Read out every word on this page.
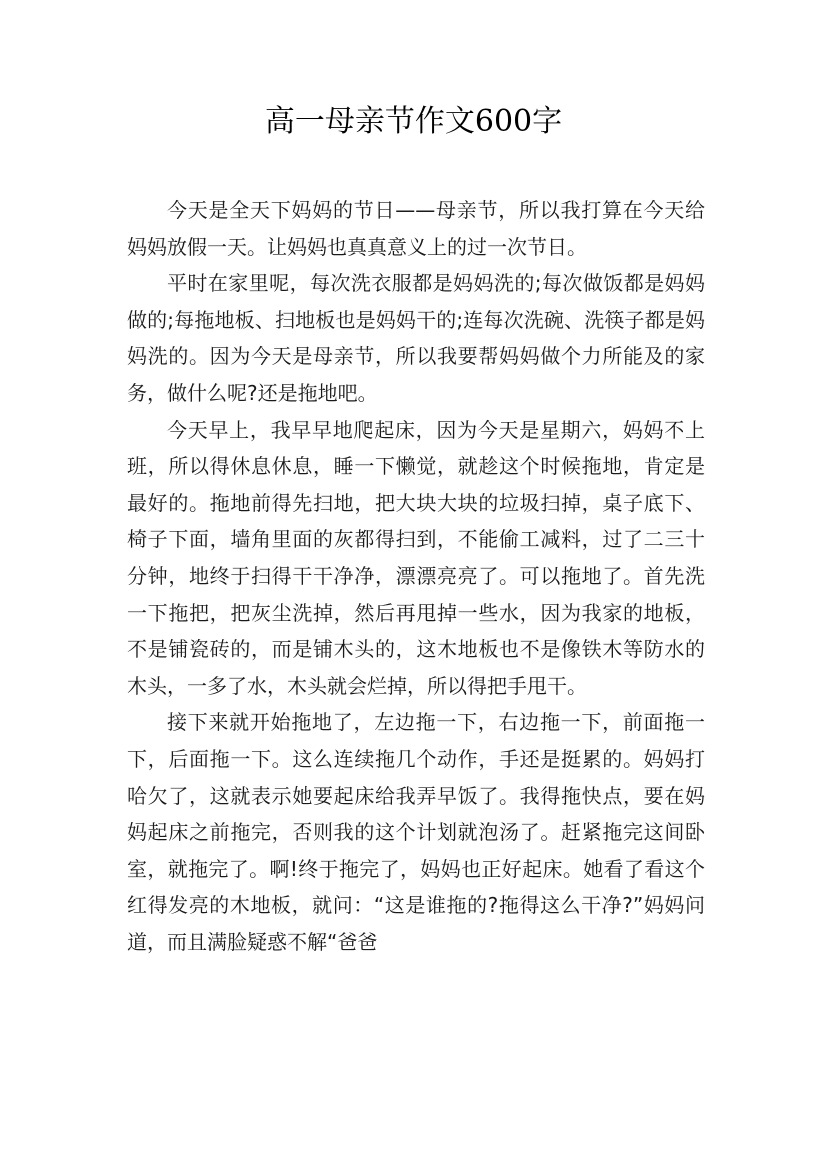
高一母亲节作文600字

今天是全天下妈妈的节日——母亲节，所以我打算在今天给妈妈放假一天。让妈妈也真真意义上的过一次节日。

平时在家里呢，每次洗衣服都是妈妈洗的;每次做饭都是妈妈做的;每拖地板、扫地板也是妈妈干的;连每次洗碗、洗筷子都是妈妈洗的。因为今天是母亲节，所以我要帮妈妈做个力所能及的家务，做什么呢?还是拖地吧。

今天早上，我早早地爬起床，因为今天是星期六，妈妈不上班，所以得休息休息，睡一下懒觉，就趁这个时候拖地，肯定是最好的。拖地前得先扫地，把大块大块的垃圾扫掉，桌子底下、椅子下面，墙角里面的灰都得扫到，不能偷工减料，过了二三十分钟，地终于扫得干干净净，漂漂亮亮了。可以拖地了。首先洗一下拖把，把灰尘洗掉，然后再甩掉一些水，因为我家的地板，不是铺瓷砖的，而是铺木头的，这木地板也不是像铁木等防水的木头，一多了水，木头就会烂掉，所以得把手甩干。

接下来就开始拖地了，左边拖一下，右边拖一下，前面拖一下，后面拖一下。这么连续拖几个动作，手还是挺累的。妈妈打哈欠了，这就表示她要起床给我弄早饭了。我得拖快点，要在妈妈起床之前拖完，否则我的这个计划就泡汤了。赶紧拖完这间卧室，就拖完了。啊!终于拖完了，妈妈也正好起床。她看了看这个红得发亮的木地板，就问：“这是谁拖的?拖得这么干净?”妈妈问道，而且满脸疑惑不解“爸爸
